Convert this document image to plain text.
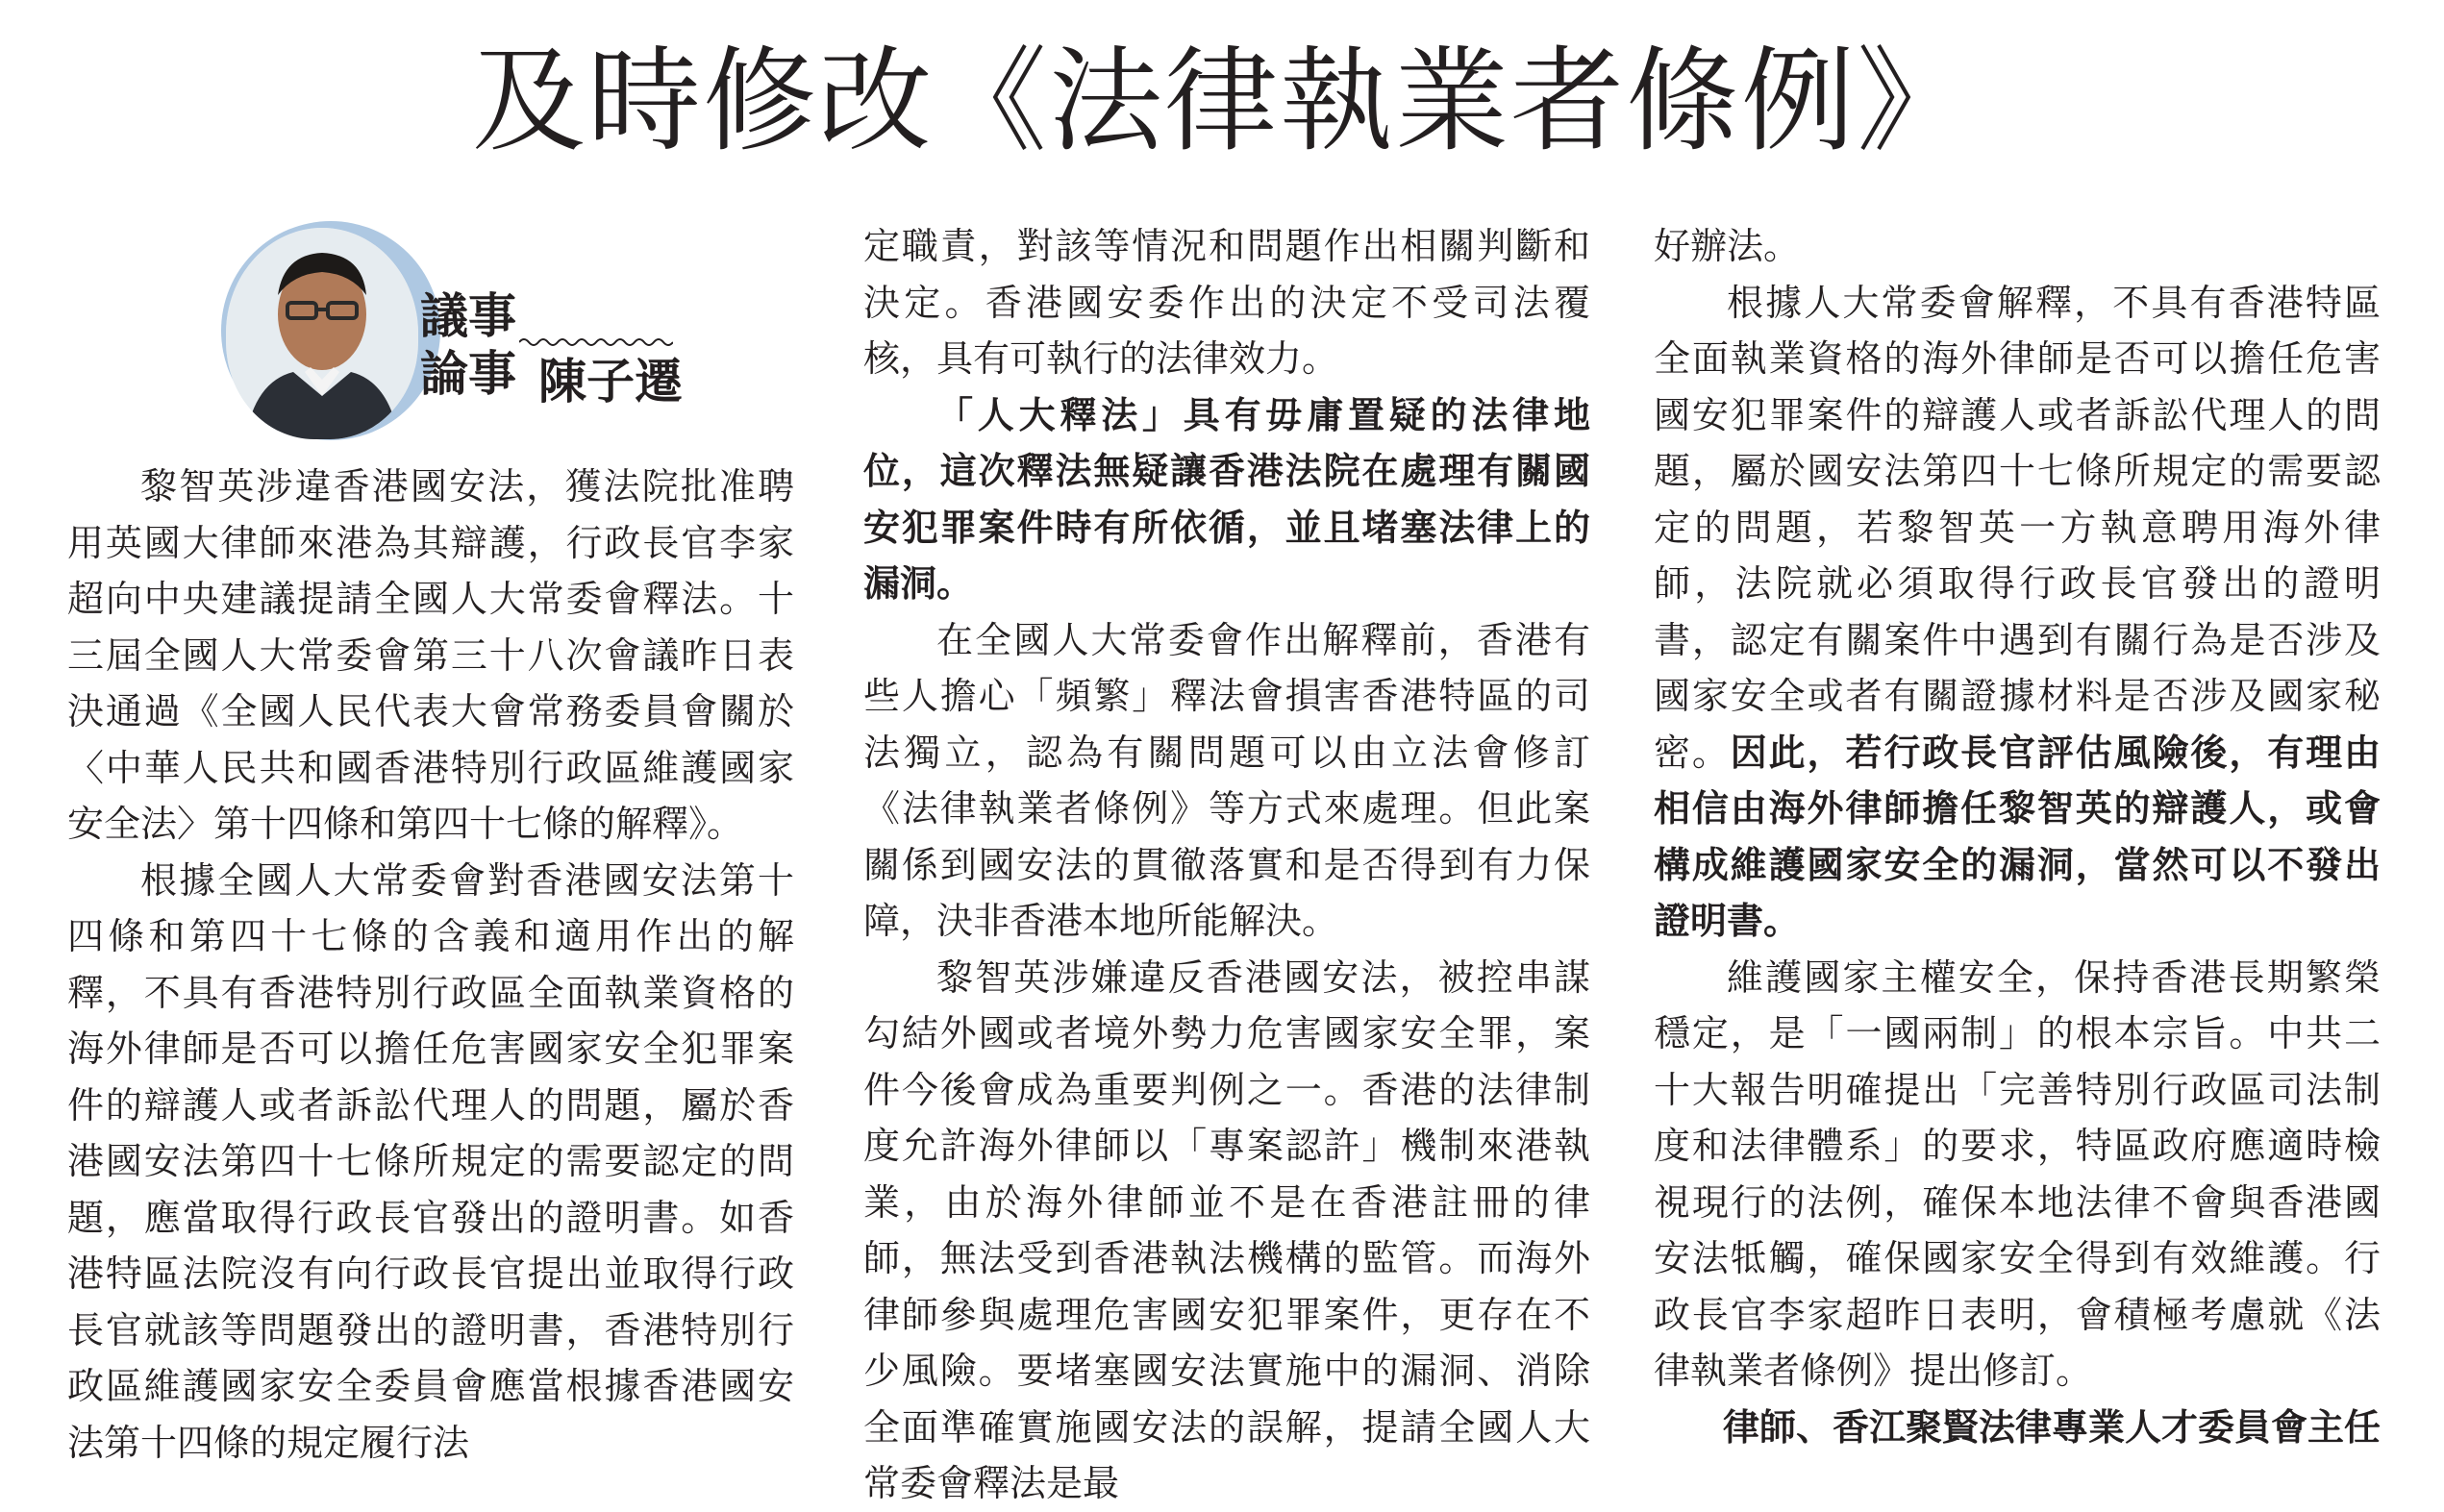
及時修改《法律執業者條例》
議事
論事 陳子遷

黎智英涉違香港國安法，獲法院批准聘用英國大律師來港為其辯護，行政長官李家超向中央建議提請全國人大常委會釋法。十三屆全國人大常委會第三十八次會議昨日表決通過《全國人民代表大會常務委員會關於〈中華人民共和國香港特別行政區維護國家安全法〉第十四條和第四十七條的解釋》。

根據全國人大常委會對香港國安法第十四條和第四十七條的含義和適用作出的解釋，不具有香港特別行政區全面執業資格的海外律師是否可以擔任危害國家安全犯罪案件的辯護人或者訴訟代理人的問題，屬於香港國安法第四十七條所規定的需要認定的問題，應當取得行政長官發出的證明書。如香港特區法院沒有向行政長官提出並取得行政長官就該等問題發出的證明書，香港特別行政區維護國家安全委員會應當根據香港國安法第十四條的規定履行法

定職責，對該等情況和問題作出相關判斷和決定。香港國安委作出的決定不受司法覆核，具有可執行的法律效力。

「人大釋法」具有毋庸置疑的法律地位，這次釋法無疑讓香港法院在處理有關國安犯罪案件時有所依循，並且堵塞法律上的漏洞。

在全國人大常委會作出解釋前，香港有些人擔心「頻繁」釋法會損害香港特區的司法獨立，認為有關問題可以由立法會修訂《法律執業者條例》等方式來處理。但此案關係到國安法的貫徹落實和是否得到有力保障，決非香港本地所能解決。

黎智英涉嫌違反香港國安法，被控串謀勾結外國或者境外勢力危害國家安全罪，案件今後會成為重要判例之一。香港的法律制度允許海外律師以「專案認許」機制來港執業，由於海外律師並不是在香港註冊的律師，無法受到香港執法機構的監管。而海外律師參與處理危害國安犯罪案件，更存在不少風險。要堵塞國安法實施中的漏洞、消除全面準確實施國安法的誤解，提請全國人大常委會釋法是最

好辦法。

根據人大常委會解釋，不具有香港特區全面執業資格的海外律師是否可以擔任危害國安犯罪案件的辯護人或者訴訟代理人的問題，屬於國安法第四十七條所規定的需要認定的問題，若黎智英一方執意聘用海外律師，法院就必須取得行政長官發出的證明書，認定有關案件中遇到有關行為是否涉及國家安全或者有關證據材料是否涉及國家秘密。因此，若行政長官評估風險後，有理由相信由海外律師擔任黎智英的辯護人，或會構成維護國家安全的漏洞，當然可以不發出證明書。

維護國家主權安全，保持香港長期繁榮穩定，是「一國兩制」的根本宗旨。中共二十大報告明確提出「完善特別行政區司法制度和法律體系」的要求，特區政府應適時檢視現行的法例，確保本地法律不會與香港國安法牴觸，確保國家安全得到有效維護。行政長官李家超昨日表明，會積極考慮就《法律執業者條例》提出修訂。

律師、香江聚賢法律專業人才委員會主任
